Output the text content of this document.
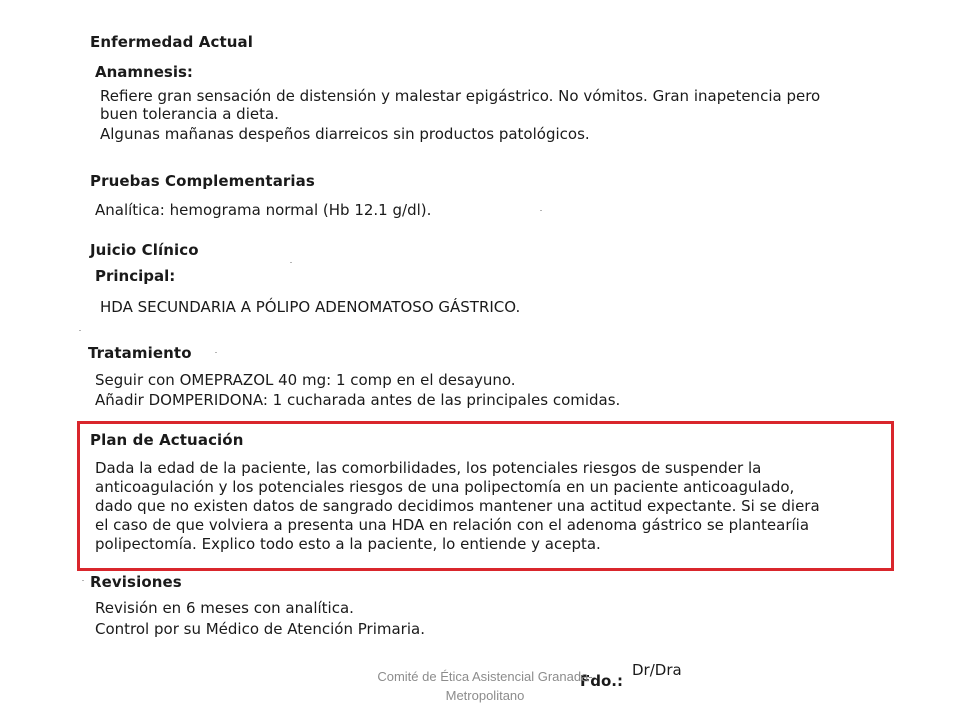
Enfermedad Actual
Anamnesis:
Refiere gran sensación de distensión y malestar epigástrico. No vómitos. Gran inapetencia pero
buen tolerancia a dieta.
Algunas mañanas despeños diarreicos sin productos patológicos.
Pruebas Complementarias
Analítica: hemograma normal (Hb 12.1 g/dl).
Juicio Clínico
Principal:
HDA SECUNDARIA A PÓLIPO ADENOMATOSO GÁSTRICO.
Tratamiento
Seguir con OMEPRAZOL 40 mg: 1 comp en el desayuno.
Añadir DOMPERIDONA: 1 cucharada antes de las principales comidas.
Plan de Actuación
Dada la edad de la paciente, las comorbilidades, los potenciales riesgos de suspender la
anticoagulación y los potenciales riesgos de una polipectomía en un paciente anticoagulado,
dado que no existen datos de sangrado decidimos mantener una actitud expectante. Si se diera
el caso de que volviera a presenta una HDA en relación con el adenoma gástrico se plantearíia
polipectomía. Explico todo esto a la paciente, lo entiende y acepta.
Revisiones
Revisión en 6 meses con analítica.
Control por su Médico de Atención Primaria.
Dr/Dra
Fdo.:
Comité de Ética Asistencial Granada-Metropolitano
